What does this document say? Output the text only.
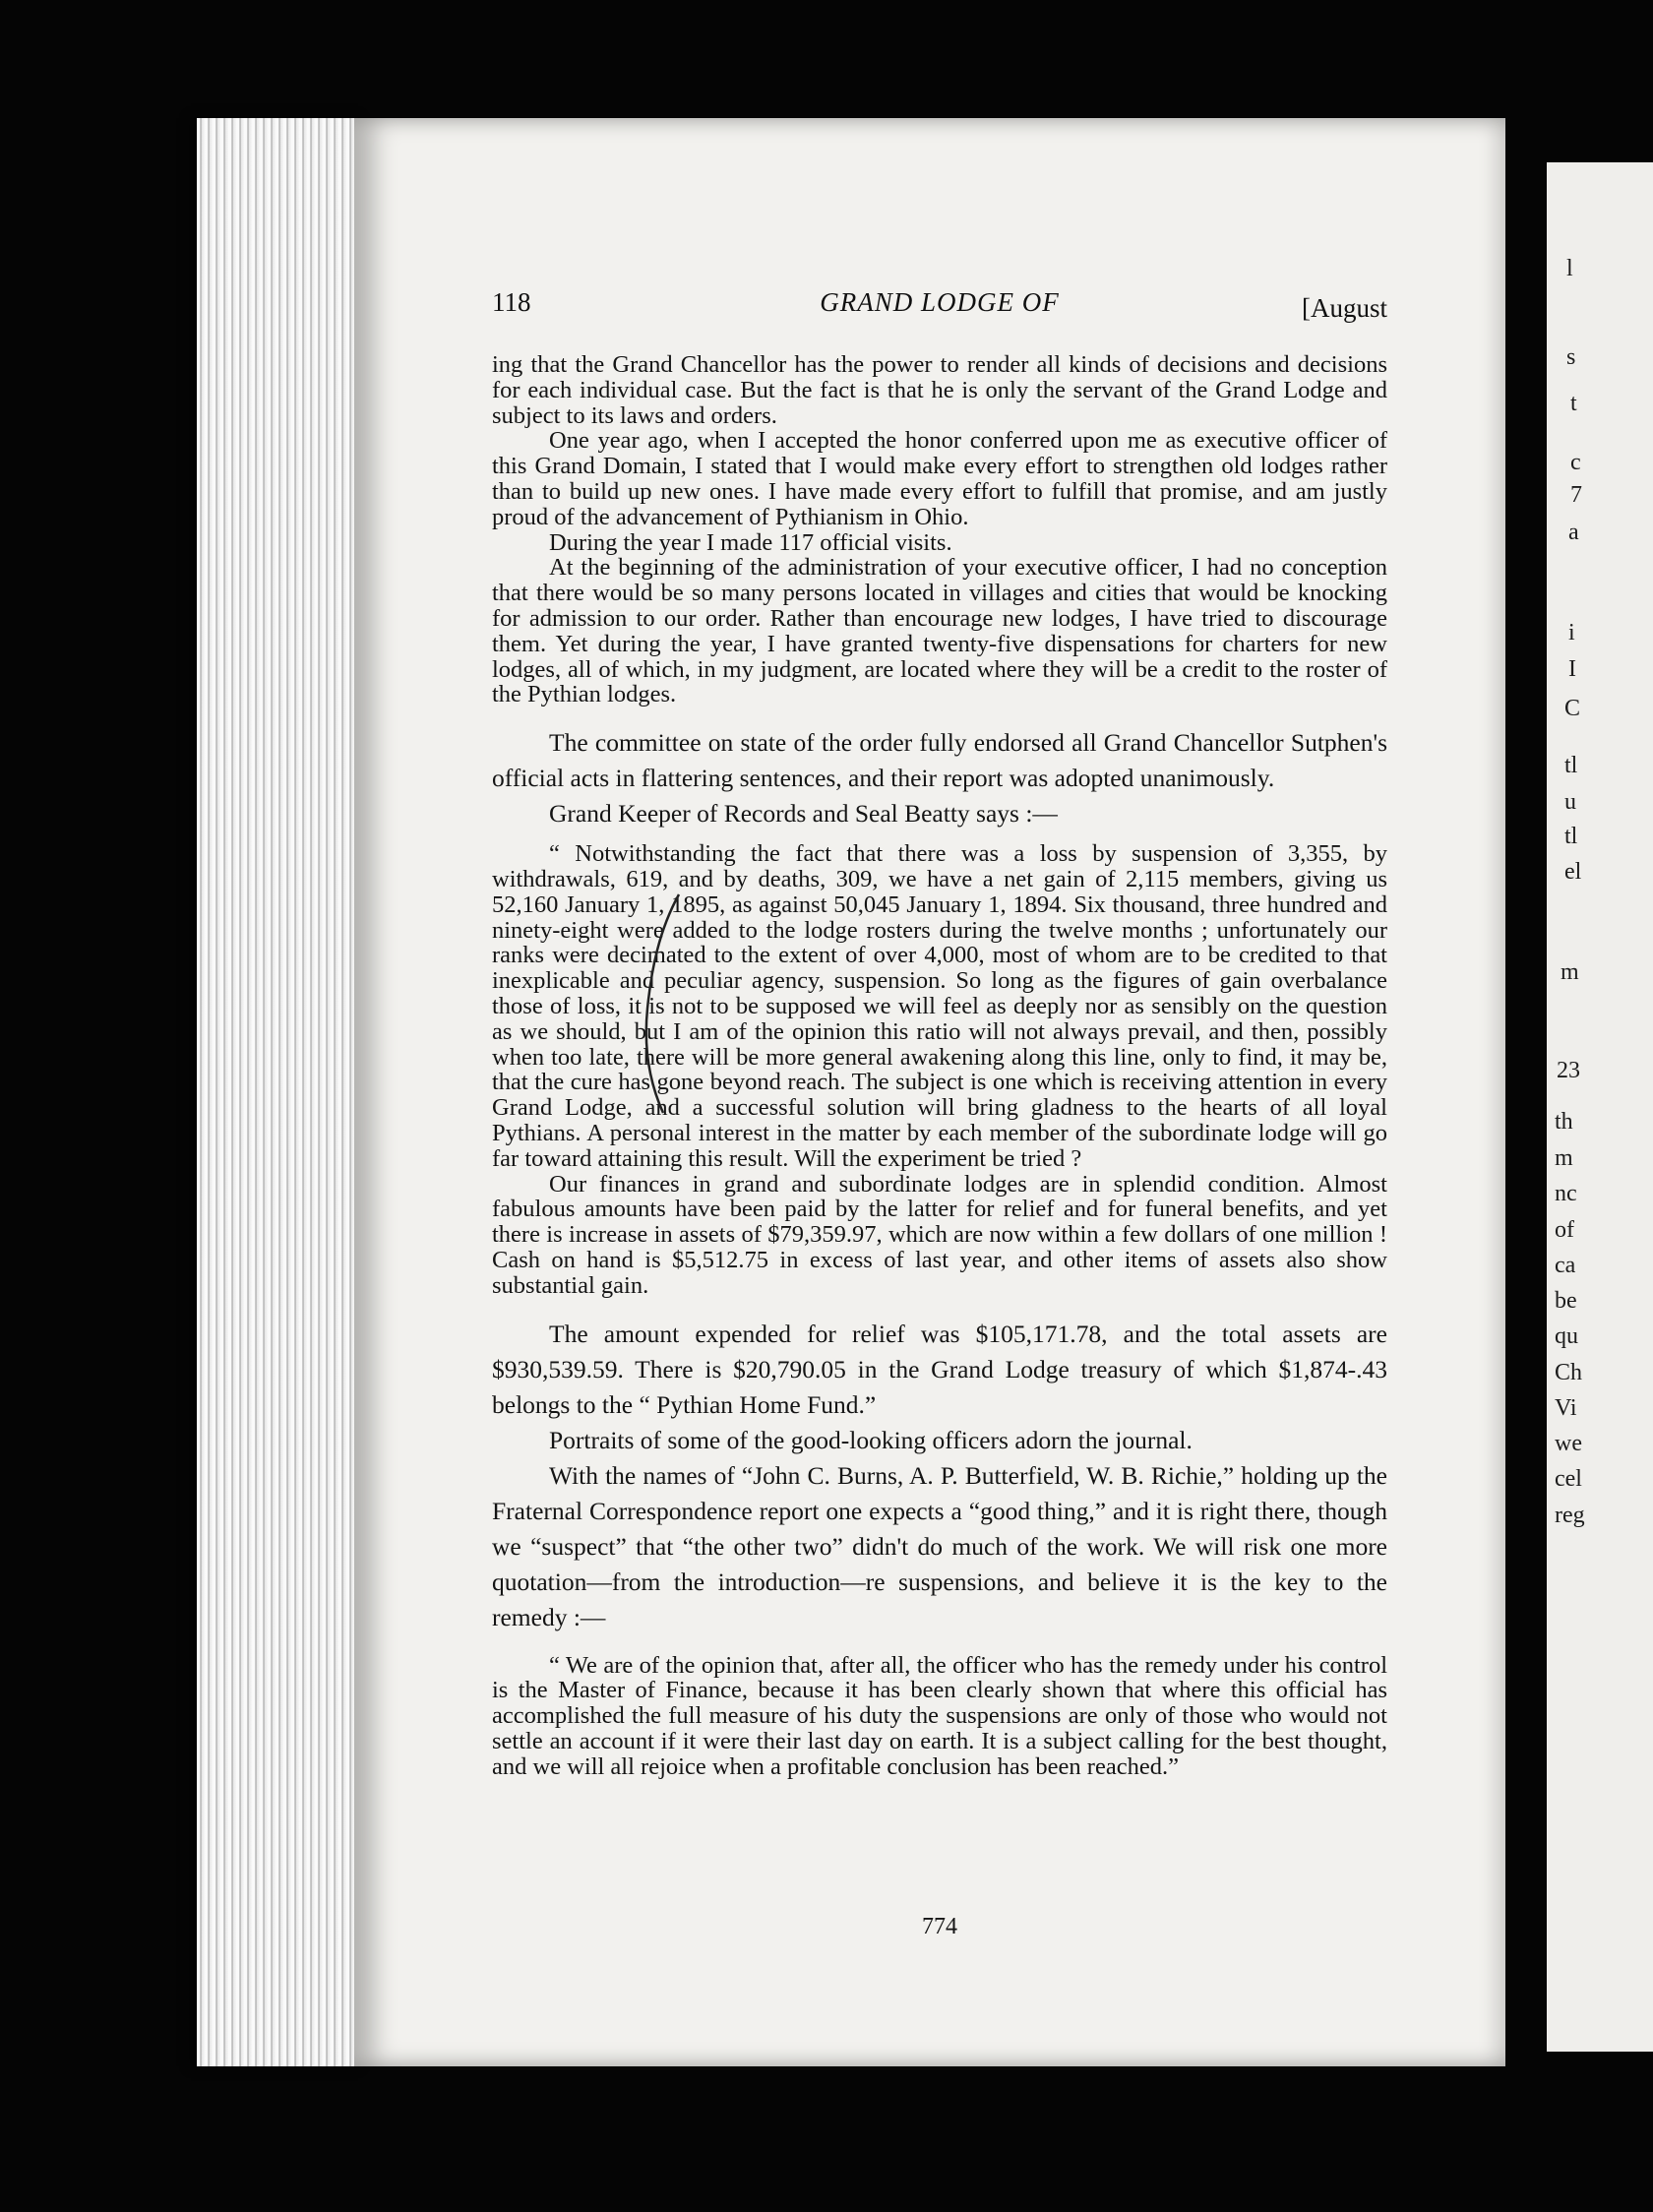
l
s
t
c
7
a
i
I
C
tl
u
tl
el
m
23
th
m
nc
of
ca
be
qu
Ch
Vi
we
cel
reg
118	GRAND LODGE OF	[August

ing that the Grand Chancellor has the power to render all kinds of decisions and decisions for each individual case. But the fact is that he is only the servant of the Grand Lodge and subject to its laws and orders.

One year ago, when I accepted the honor conferred upon me as executive officer of this Grand Domain, I stated that I would make every effort to strengthen old lodges rather than to build up new ones. I have made every effort to fulfill that promise, and am justly proud of the advancement of Pythianism in Ohio.

During the year I made 117 official visits.

At the beginning of the administration of your executive officer, I had no conception that there would be so many persons located in villages and cities that would be knocking for admission to our order. Rather than encourage new lodges, I have tried to discourage them. Yet during the year, I have granted twenty-five dispensations for charters for new lodges, all of which, in my judgment, are located where they will be a credit to the roster of the Pythian lodges.

The committee on state of the order fully endorsed all Grand Chancellor Sutphen's official acts in flattering sentences, and their report was adopted unanimously.

Grand Keeper of Records and Seal Beatty says :—

“ Notwithstanding the fact that there was a loss by suspension of 3,355, by withdrawals, 619, and by deaths, 309, we have a net gain of 2,115 members, giving us 52,160 January 1, 1895, as against 50,045 January 1, 1894. Six thousand, three hundred and ninety-eight were added to the lodge rosters during the twelve months ; unfortunately our ranks were decimated to the extent of over 4,000, most of whom are to be credited to that inexplicable and peculiar agency, suspension. So long as the figures of gain overbalance those of loss, it is not to be supposed we will feel as deeply nor as sensibly on the question as we should, but I am of the opinion this ratio will not always prevail, and then, possibly when too late, there will be more general awakening along this line, only to find, it may be, that the cure has gone beyond reach. The subject is one which is receiving attention in every Grand Lodge, and a successful solution will bring gladness to the hearts of all loyal Pythians. A personal interest in the matter by each member of the subordinate lodge will go far toward attaining this result. Will the experiment be tried ?

Our finances in grand and subordinate lodges are in splendid condition. Almost fabulous amounts have been paid by the latter for relief and for funeral benefits, and yet there is increase in assets of $79,359.97, which are now within a few dollars of one million ! Cash on hand is $5,512.75 in excess of last year, and other items of assets also show substantial gain.

The amount expended for relief was $105,171.78, and the total assets are $930,539.59. There is $20,790.05 in the Grand Lodge treasury of which $1,874-.43 belongs to the “ Pythian Home Fund.”

Portraits of some of the good-looking officers adorn the journal.

With the names of “John C. Burns, A. P. Butterfield, W. B. Richie,” holding up the Fraternal Correspondence report one expects a “good thing,” and it is right there, though we “suspect” that “the other two” didn't do much of the work. We will risk one more quotation—from the introduction—re suspensions, and believe it is the key to the remedy :—

“ We are of the opinion that, after all, the officer who has the remedy under his control is the Master of Finance, because it has been clearly shown that where this official has accomplished the full measure of his duty the suspensions are only of those who would not settle an account if it were their last day on earth. It is a subject calling for the best thought, and we will all rejoice when a profitable conclusion has been reached.”

774
